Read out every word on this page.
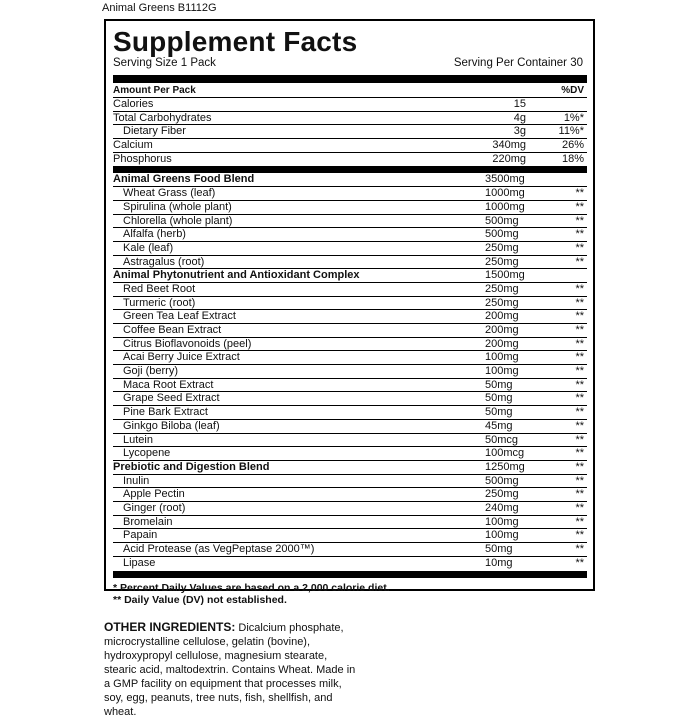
Animal Greens B1112G
Supplement Facts
Serving Size 1 Pack	Serving Per Container 30
Amount Per Pack	%DV
Calories	15
Total Carbohydrates	4g	1%*
Dietary Fiber	3g	11%*
Calcium	340mg	26%
Phosphorus	220mg	18%
Animal Greens Food Blend	3500mg
Wheat Grass (leaf)	1000mg	**
Spirulina (whole plant)	1000mg	**
Chlorella (whole plant)	500mg	**
Alfalfa (herb)	500mg	**
Kale (leaf)	250mg	**
Astragalus (root)	250mg	**
Animal Phytonutrient and Antioxidant Complex	1500mg
Red Beet Root	250mg	**
Turmeric (root)	250mg	**
Green Tea Leaf Extract	200mg	**
Coffee Bean Extract	200mg	**
Citrus Bioflavonoids (peel)	200mg	**
Acai Berry Juice Extract	100mg	**
Goji (berry)	100mg	**
Maca Root Extract	50mg	**
Grape Seed Extract	50mg	**
Pine Bark Extract	50mg	**
Ginkgo Biloba (leaf)	45mg	**
Lutein	50mcg	**
Lycopene	100mcg	**
Prebiotic and Digestion Blend	1250mg	**
Inulin	500mg	**
Apple Pectin	250mg	**
Ginger (root)	240mg	**
Bromelain	100mg	**
Papain	100mg	**
Acid Protease (as VegPeptase 2000™)	50mg	**
Lipase	10mg	**
* Percent Daily Values are based on a 2,000 calorie diet.
** Daily Value (DV) not established.
OTHER INGREDIENTS: Dicalcium phosphate, microcrystalline cellulose, gelatin (bovine), hydroxypropyl cellulose, magnesium stearate, stearic acid, maltodextrin. Contains Wheat. Made in a GMP facility on equipment that processes milk, soy, egg, peanuts, tree nuts, fish, shellfish, and wheat.
